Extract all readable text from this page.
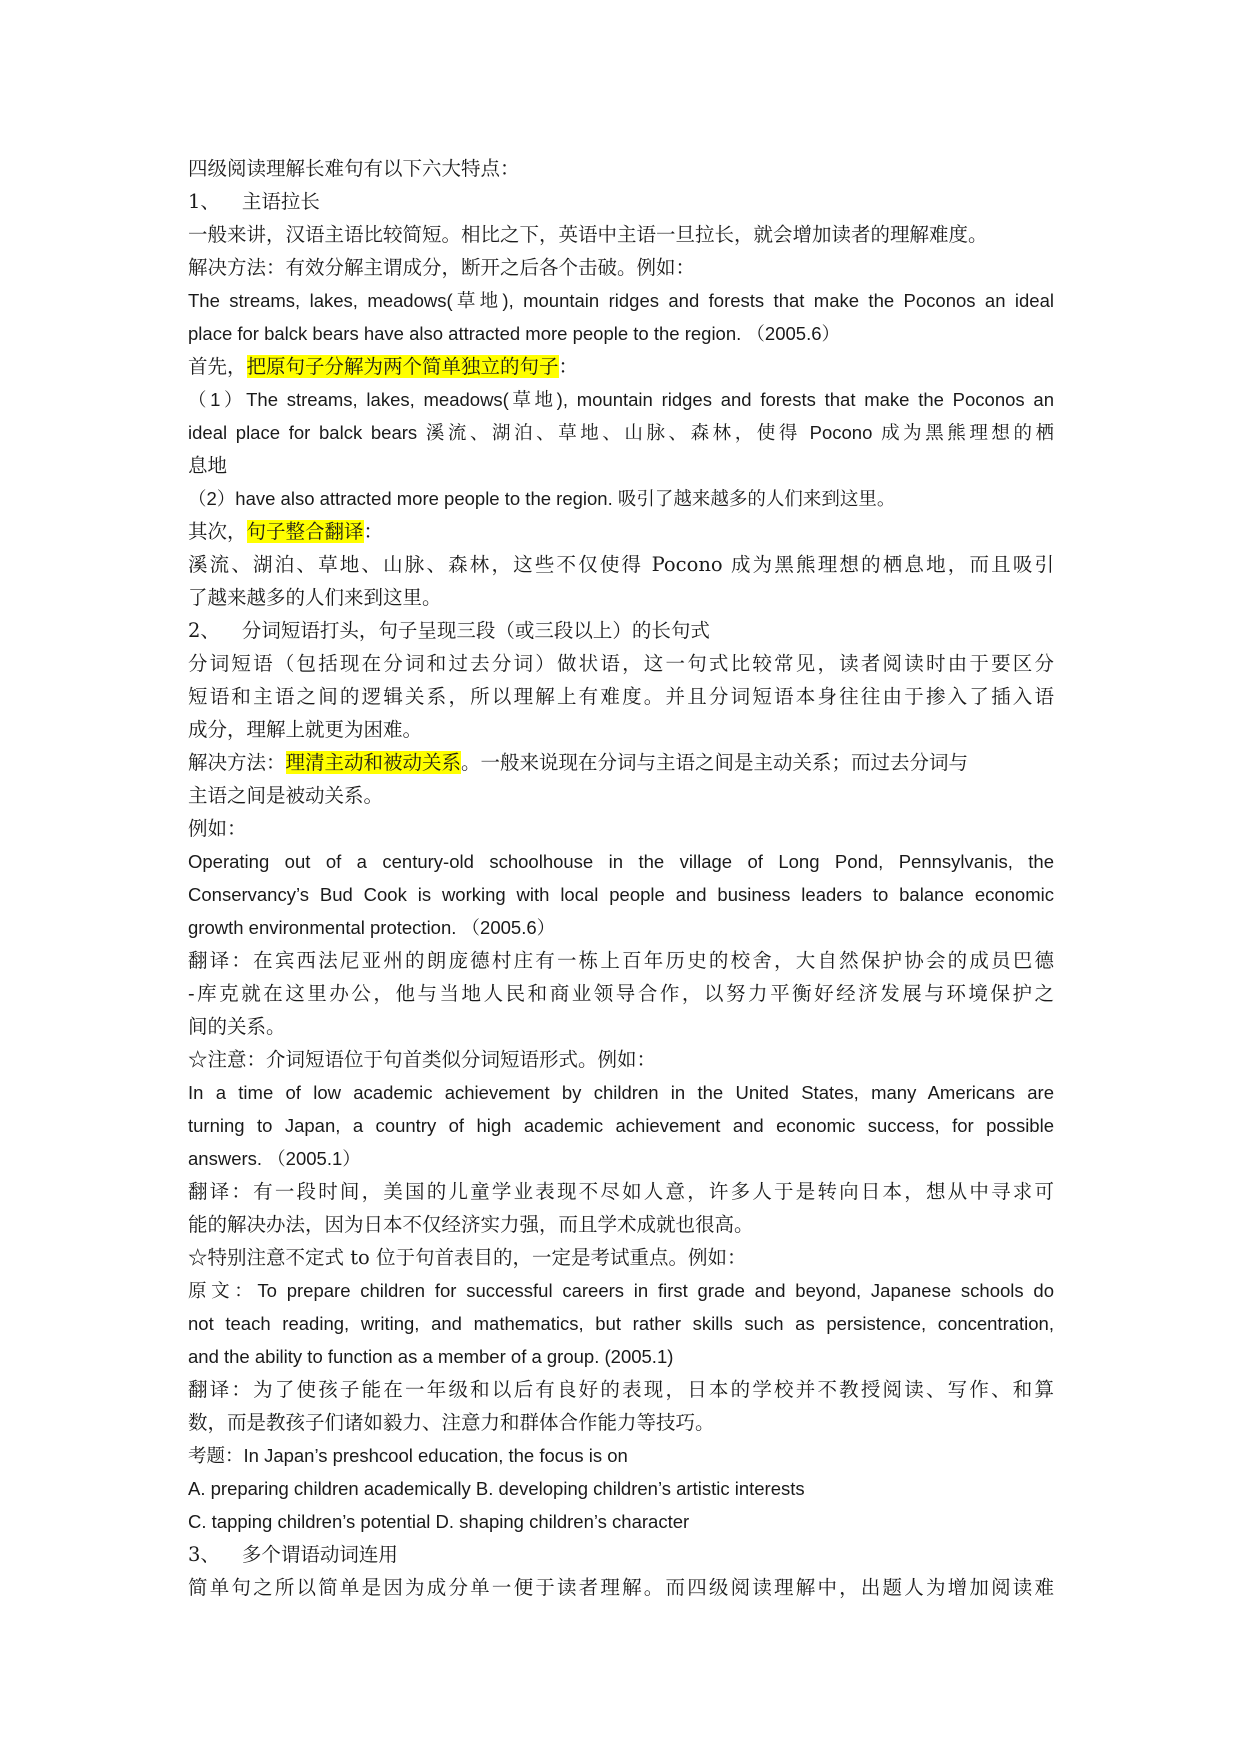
四级阅读理解长难句有以下六大特点：
1、 主语拉长
一般来讲，汉语主语比较简短。相比之下，英语中主语一旦拉长，就会增加读者的理解难度。
解决方法：有效分解主谓成分，断开之后各个击破。例如：
The streams, lakes, meadows(草地), mountain ridges and forests that make the Poconos an ideal
place for balck bears have also attracted more people to the region. （2005.6）
首先，把原句子分解为两个简单独立的句子：
（1）The streams, lakes, meadows(草地), mountain ridges and forests that make the Poconos an
ideal place for balck bears 溪流、湖泊、草地、山脉、森林，使得 Pocono 成为黑熊理想的栖
息地
（2）have also attracted more people to the region. 吸引了越来越多的人们来到这里。
其次，句子整合翻译：
溪流、湖泊、草地、山脉、森林，这些不仅使得 Pocono 成为黑熊理想的栖息地，而且吸引
了越来越多的人们来到这里。
2、 分词短语打头，句子呈现三段（或三段以上）的长句式
分词短语（包括现在分词和过去分词）做状语，这一句式比较常见，读者阅读时由于要区分
短语和主语之间的逻辑关系，所以理解上有难度。并且分词短语本身往往由于掺入了插入语
成分，理解上就更为困难。
解决方法：理清主动和被动关系。一般来说现在分词与主语之间是主动关系；而过去分词与
主语之间是被动关系。
例如：
Operating out of a century-old schoolhouse in the village of Long Pond, Pennsylvanis, the
Conservancy’s Bud Cook is working with local people and business leaders to balance economic
growth environmental protection. （2005.6）
翻译：在宾西法尼亚州的朗庞德村庄有一栋上百年历史的校舍，大自然保护协会的成员巴德
-库克就在这里办公，他与当地人民和商业领导合作，以努力平衡好经济发展与环境保护之
间的关系。
☆注意：介词短语位于句首类似分词短语形式。例如：
In a time of low academic achievement by children in the United States, many Americans are
turning to Japan, a country of high academic achievement and economic success, for possible
answers. （2005.1）
翻译：有一段时间，美国的儿童学业表现不尽如人意，许多人于是转向日本，想从中寻求可
能的解决办法，因为日本不仅经济实力强，而且学术成就也很高。
☆特别注意不定式 to 位于句首表目的，一定是考试重点。例如：
原文：To prepare children for successful careers in first grade and beyond, Japanese schools do
not teach reading, writing, and mathematics, but rather skills such as persistence, concentration,
and the ability to function as a member of a group. (2005.1)
翻译：为了使孩子能在一年级和以后有良好的表现，日本的学校并不教授阅读、写作、和算
数，而是教孩子们诸如毅力、注意力和群体合作能力等技巧。
考题：In Japan’s preshcool education, the focus is on
A. preparing children academically B. developing children’s artistic interests
C. tapping children’s potential D. shaping children’s character
3、 多个谓语动词连用
简单句之所以简单是因为成分单一便于读者理解。而四级阅读理解中，出题人为增加阅读难
